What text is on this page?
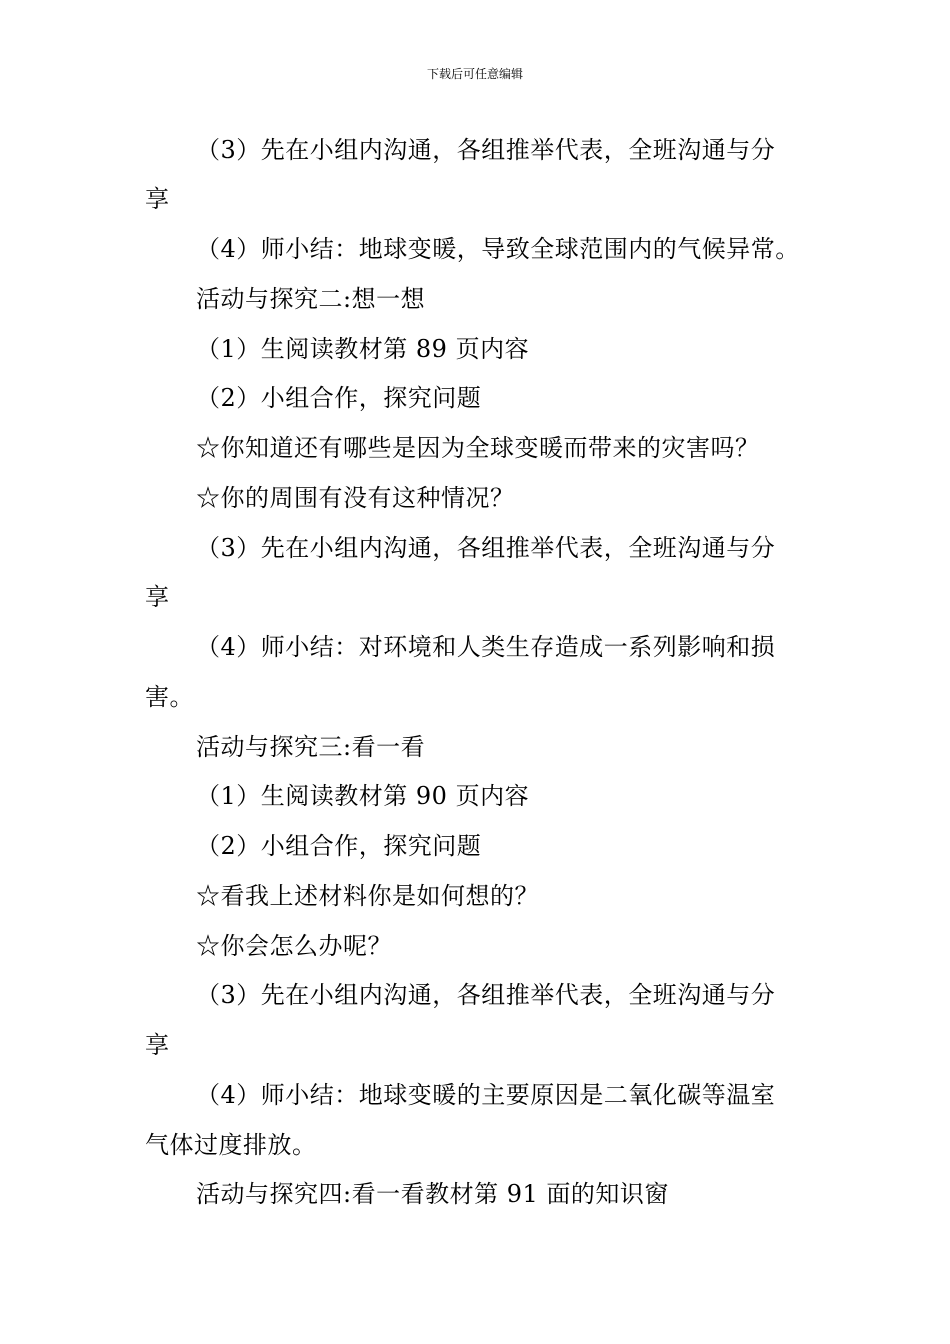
下载后可任意编辑
（3）先在小组内沟通，各组推举代表，全班沟通与分
享
（4）师小结：地球变暖，导致全球范围内的气候异常。
活动与探究二:想一想
（1）生阅读教材第 89 页内容
（2）小组合作，探究问题
☆你知道还有哪些是因为全球变暖而带来的灾害吗？
☆你的周围有没有这种情况？
（3）先在小组内沟通，各组推举代表，全班沟通与分
享
（4）师小结：对环境和人类生存造成一系列影响和损
害。
活动与探究三:看一看
（1）生阅读教材第 90 页内容
（2）小组合作，探究问题
☆看我上述材料你是如何想的？
☆你会怎么办呢？
（3）先在小组内沟通，各组推举代表，全班沟通与分
享
（4）师小结：地球变暖的主要原因是二氧化碳等温室
气体过度排放。
活动与探究四:看一看教材第 91 面的知识窗
